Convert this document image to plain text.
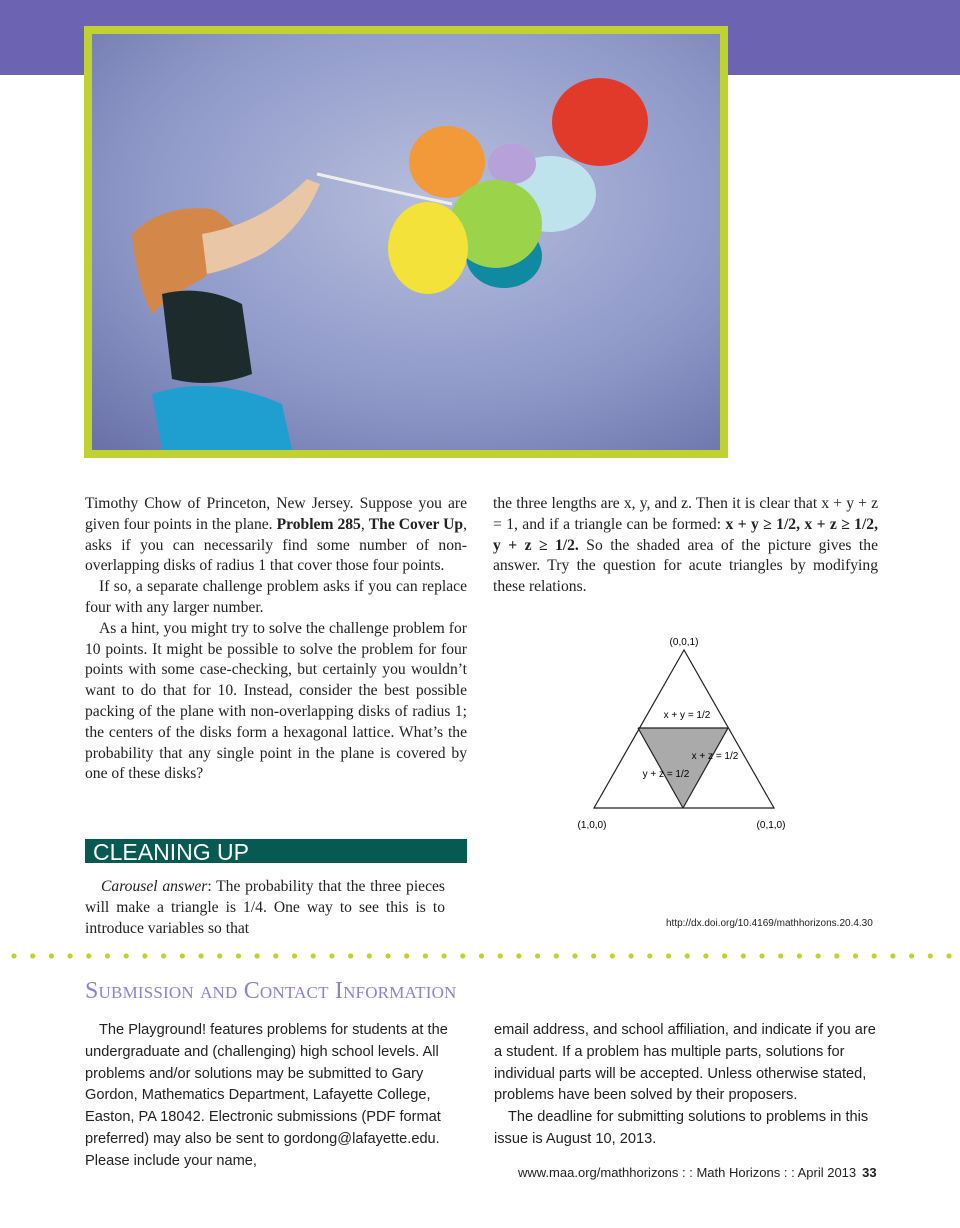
Timothy Chow of Princeton, New Jersey. Suppose you are given four points in the plane. Problem 285, The Cover Up, asks if you can necessarily find some number of non-overlapping disks of radius 1 that cover those four points.

If so, a separate challenge problem asks if you can replace four with any larger number.

As a hint, you might try to solve the challenge problem for 10 points. It might be possible to solve the problem for four points with some case-checking, but certainly you wouldn’t want to do that for 10. Instead, consider the best possible packing of the plane with non-overlapping disks of radius 1; the centers of the disks form a hexagonal lattice. What’s the probability that any single point in the plane is covered by one of these disks?

CLEANING UP

Carousel answer: The probability that the three pieces will make a triangle is 1/4. One way to see this is to introduce variables so that

the three lengths are x, y, and z. Then it is clear that x + y + z = 1, and if a triangle can be formed: x + y ≥ 1/2, x + z ≥ 1/2, y + z ≥ 1/2. So the shaded area of the picture gives the answer. Try the question for acute triangles by modifying these relations.

(0,0,1)
(1,0,0)	(0,1,0)
x + y = 1/2
x + z = 1/2
y + z = 1/2
http://dx.doi.org/10.4169/mathhorizons.20.4.30
Submission and Contact Information

The Playground! features problems for students at the undergraduate and (challenging) high school levels. All problems and/or solutions may be submitted to Gary Gordon, Mathematics Department, Lafayette College, Easton, PA 18042. Electronic submissions (PDF format preferred) may also be sent to gordong@lafayette.edu. Please include your name,

email address, and school affiliation, and indicate if you are a student. If a problem has multiple parts, solutions for individual parts will be accepted. Unless otherwise stated, problems have been solved by their proposers.

The deadline for submitting solutions to problems in this issue is August 10, 2013.

www.maa.org/mathhorizons : : Math Horizons : : April 2013 33
